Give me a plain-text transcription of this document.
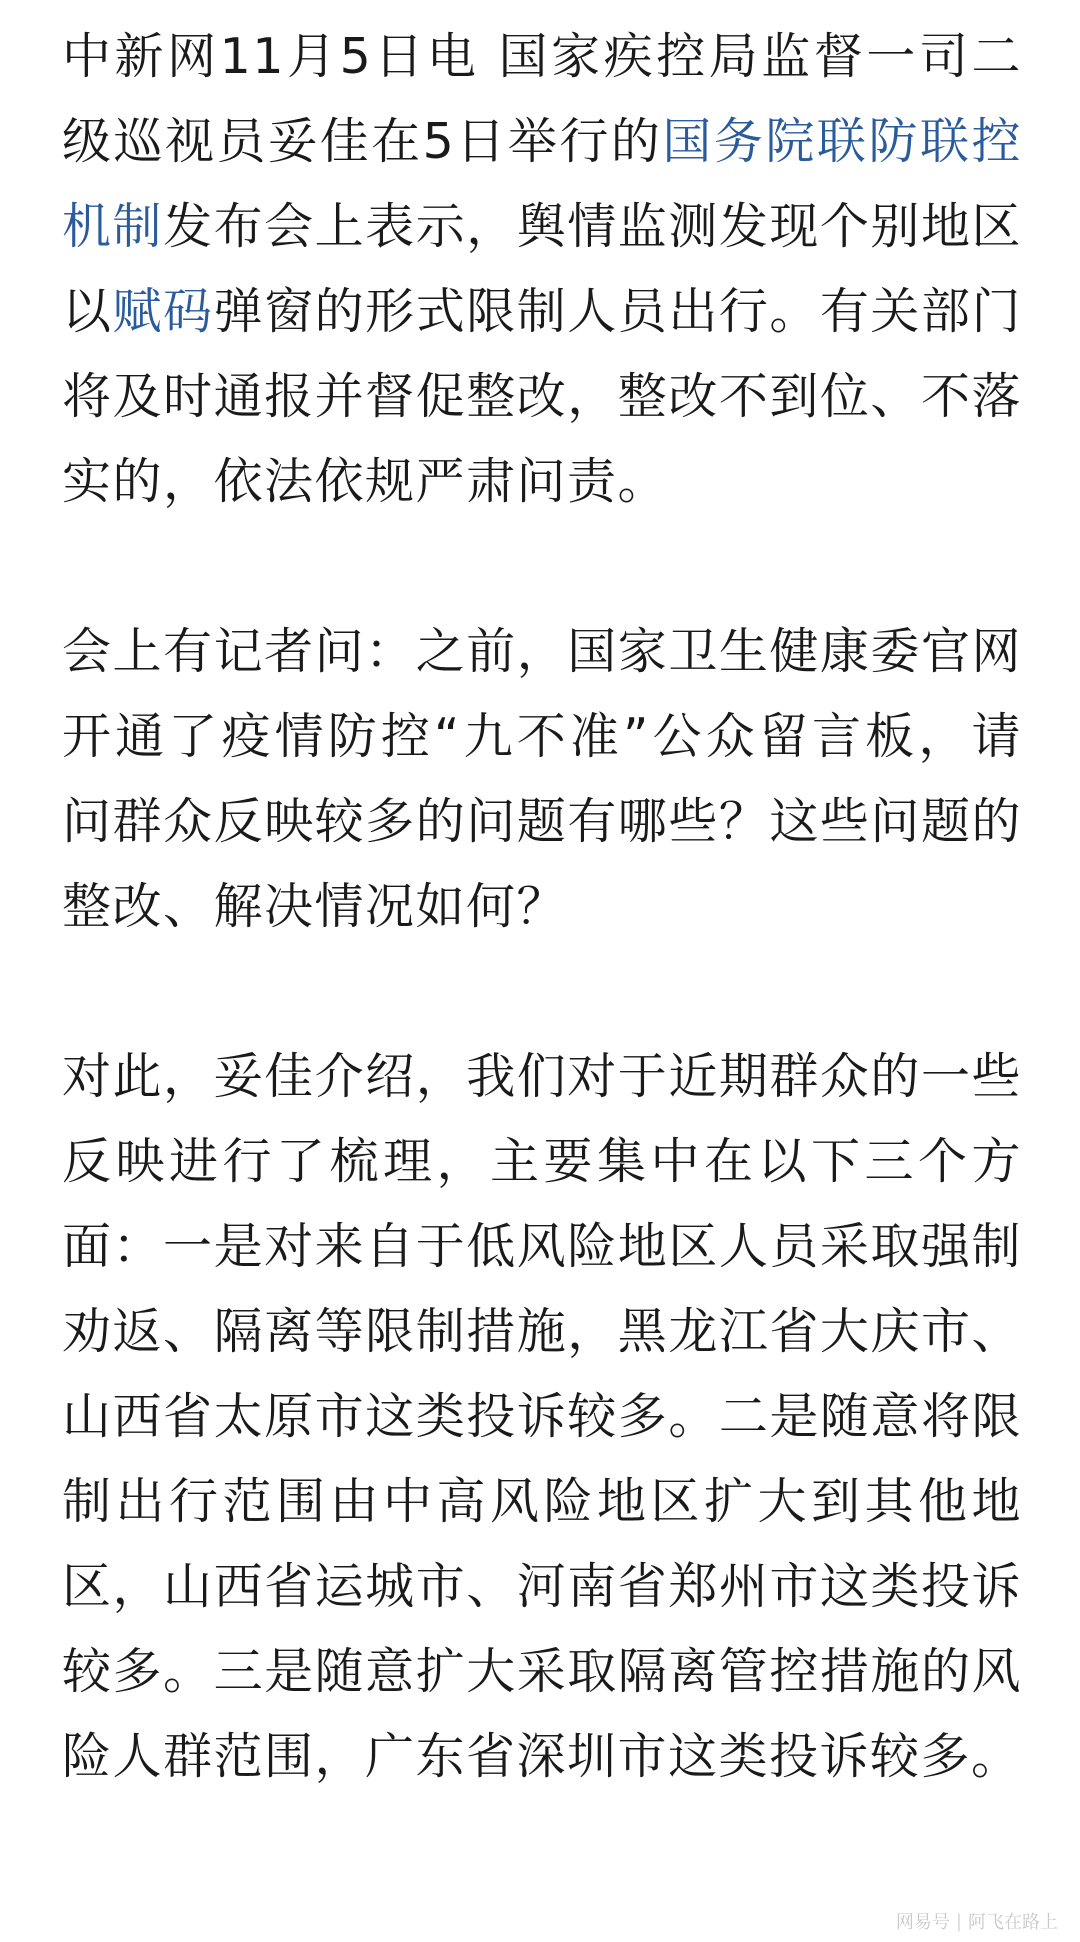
中新网11月5日电 国家疾控局监督一司二级巡视员妥佳在5日举行的国务院联防联控机制发布会上表示，舆情监测发现个别地区以赋码弹窗的形式限制人员出行。有关部门将及时通报并督促整改，整改不到位、不落实的，依法依规严肃问责。

会上有记者问：之前，国家卫生健康委官网开通了疫情防控“九不准”公众留言板，请问群众反映较多的问题有哪些？这些问题的整改、解决情况如何？

对此，妥佳介绍，我们对于近期群众的一些反映进行了梳理，主要集中在以下三个方面：一是对来自于低风险地区人员采取强制劝返、隔离等限制措施，黑龙江省大庆市、山西省太原市这类投诉较多。二是随意将限制出行范围由中高风险地区扩大到其他地区，山西省运城市、河南省郑州市这类投诉较多。三是随意扩大采取隔离管控措施的风险人群范围，广东省深圳市这类投诉较多。

网易号 | 阿飞在路上
